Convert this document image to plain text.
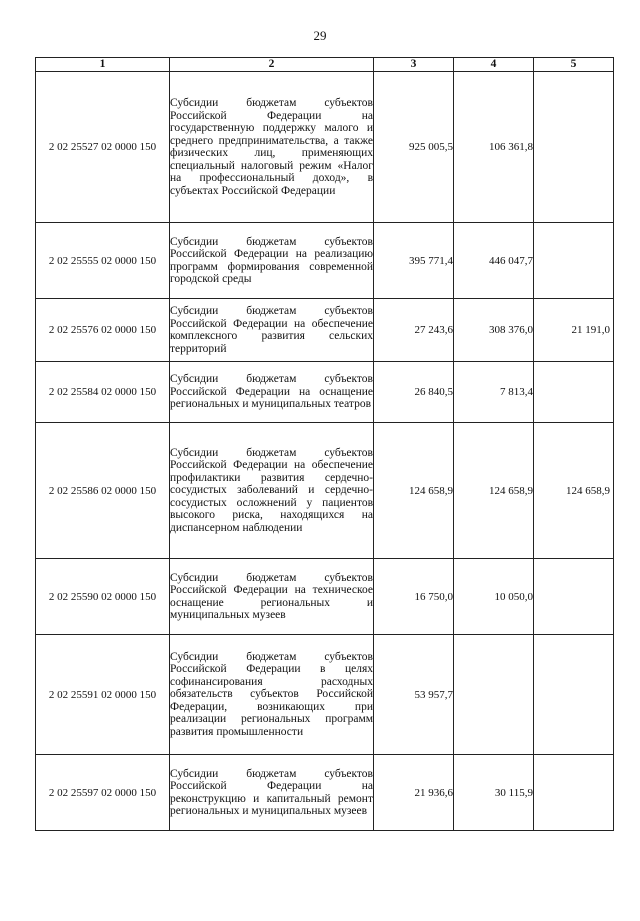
29
1	2	3	4	5
2 02 25527 02 0000 150	Субсидии бюджетам субъектов Российской Федерации на государственную поддержку малого и среднего предпринимательства, а также физических лиц, применяющих специальный налоговый режим «Налог на профессиональный доход», в субъектах Российской Федерации	925 005,5	106 361,8	
2 02 25555 02 0000 150	Субсидии бюджетам субъектов Российской Федерации на реализацию программ формирования современной городской среды	395 771,4	446 047,7	
2 02 25576 02 0000 150	Субсидии бюджетам субъектов Российской Федерации на обеспечение комплексного развития сельских территорий	27 243,6	308 376,0	21 191,0
2 02 25584 02 0000 150	Субсидии бюджетам субъектов Российской Федерации на оснащение региональных и муниципальных театров	26 840,5	7 813,4	
2 02 25586 02 0000 150	Субсидии бюджетам субъектов Российской Федерации на обеспечение профилактики развития сердечно-сосудистых заболеваний и сердечно-сосудистых осложнений у пациентов высокого риска, находящихся на диспансерном наблюдении	124 658,9	124 658,9	124 658,9
2 02 25590 02 0000 150	Субсидии бюджетам субъектов Российской Федерации на техническое оснащение региональных и муниципальных музеев	16 750,0	10 050,0	
2 02 25591 02 0000 150	Субсидии бюджетам субъектов Российской Федерации в целях софинансирования расходных обязательств субъектов Российской Федерации, возникающих при реализации региональных программ развития промышленности	53 957,7		
2 02 25597 02 0000 150	Субсидии бюджетам субъектов Российской Федерации на реконструкцию и капитальный ремонт региональных и муниципальных музеев	21 936,6	30 115,9	
